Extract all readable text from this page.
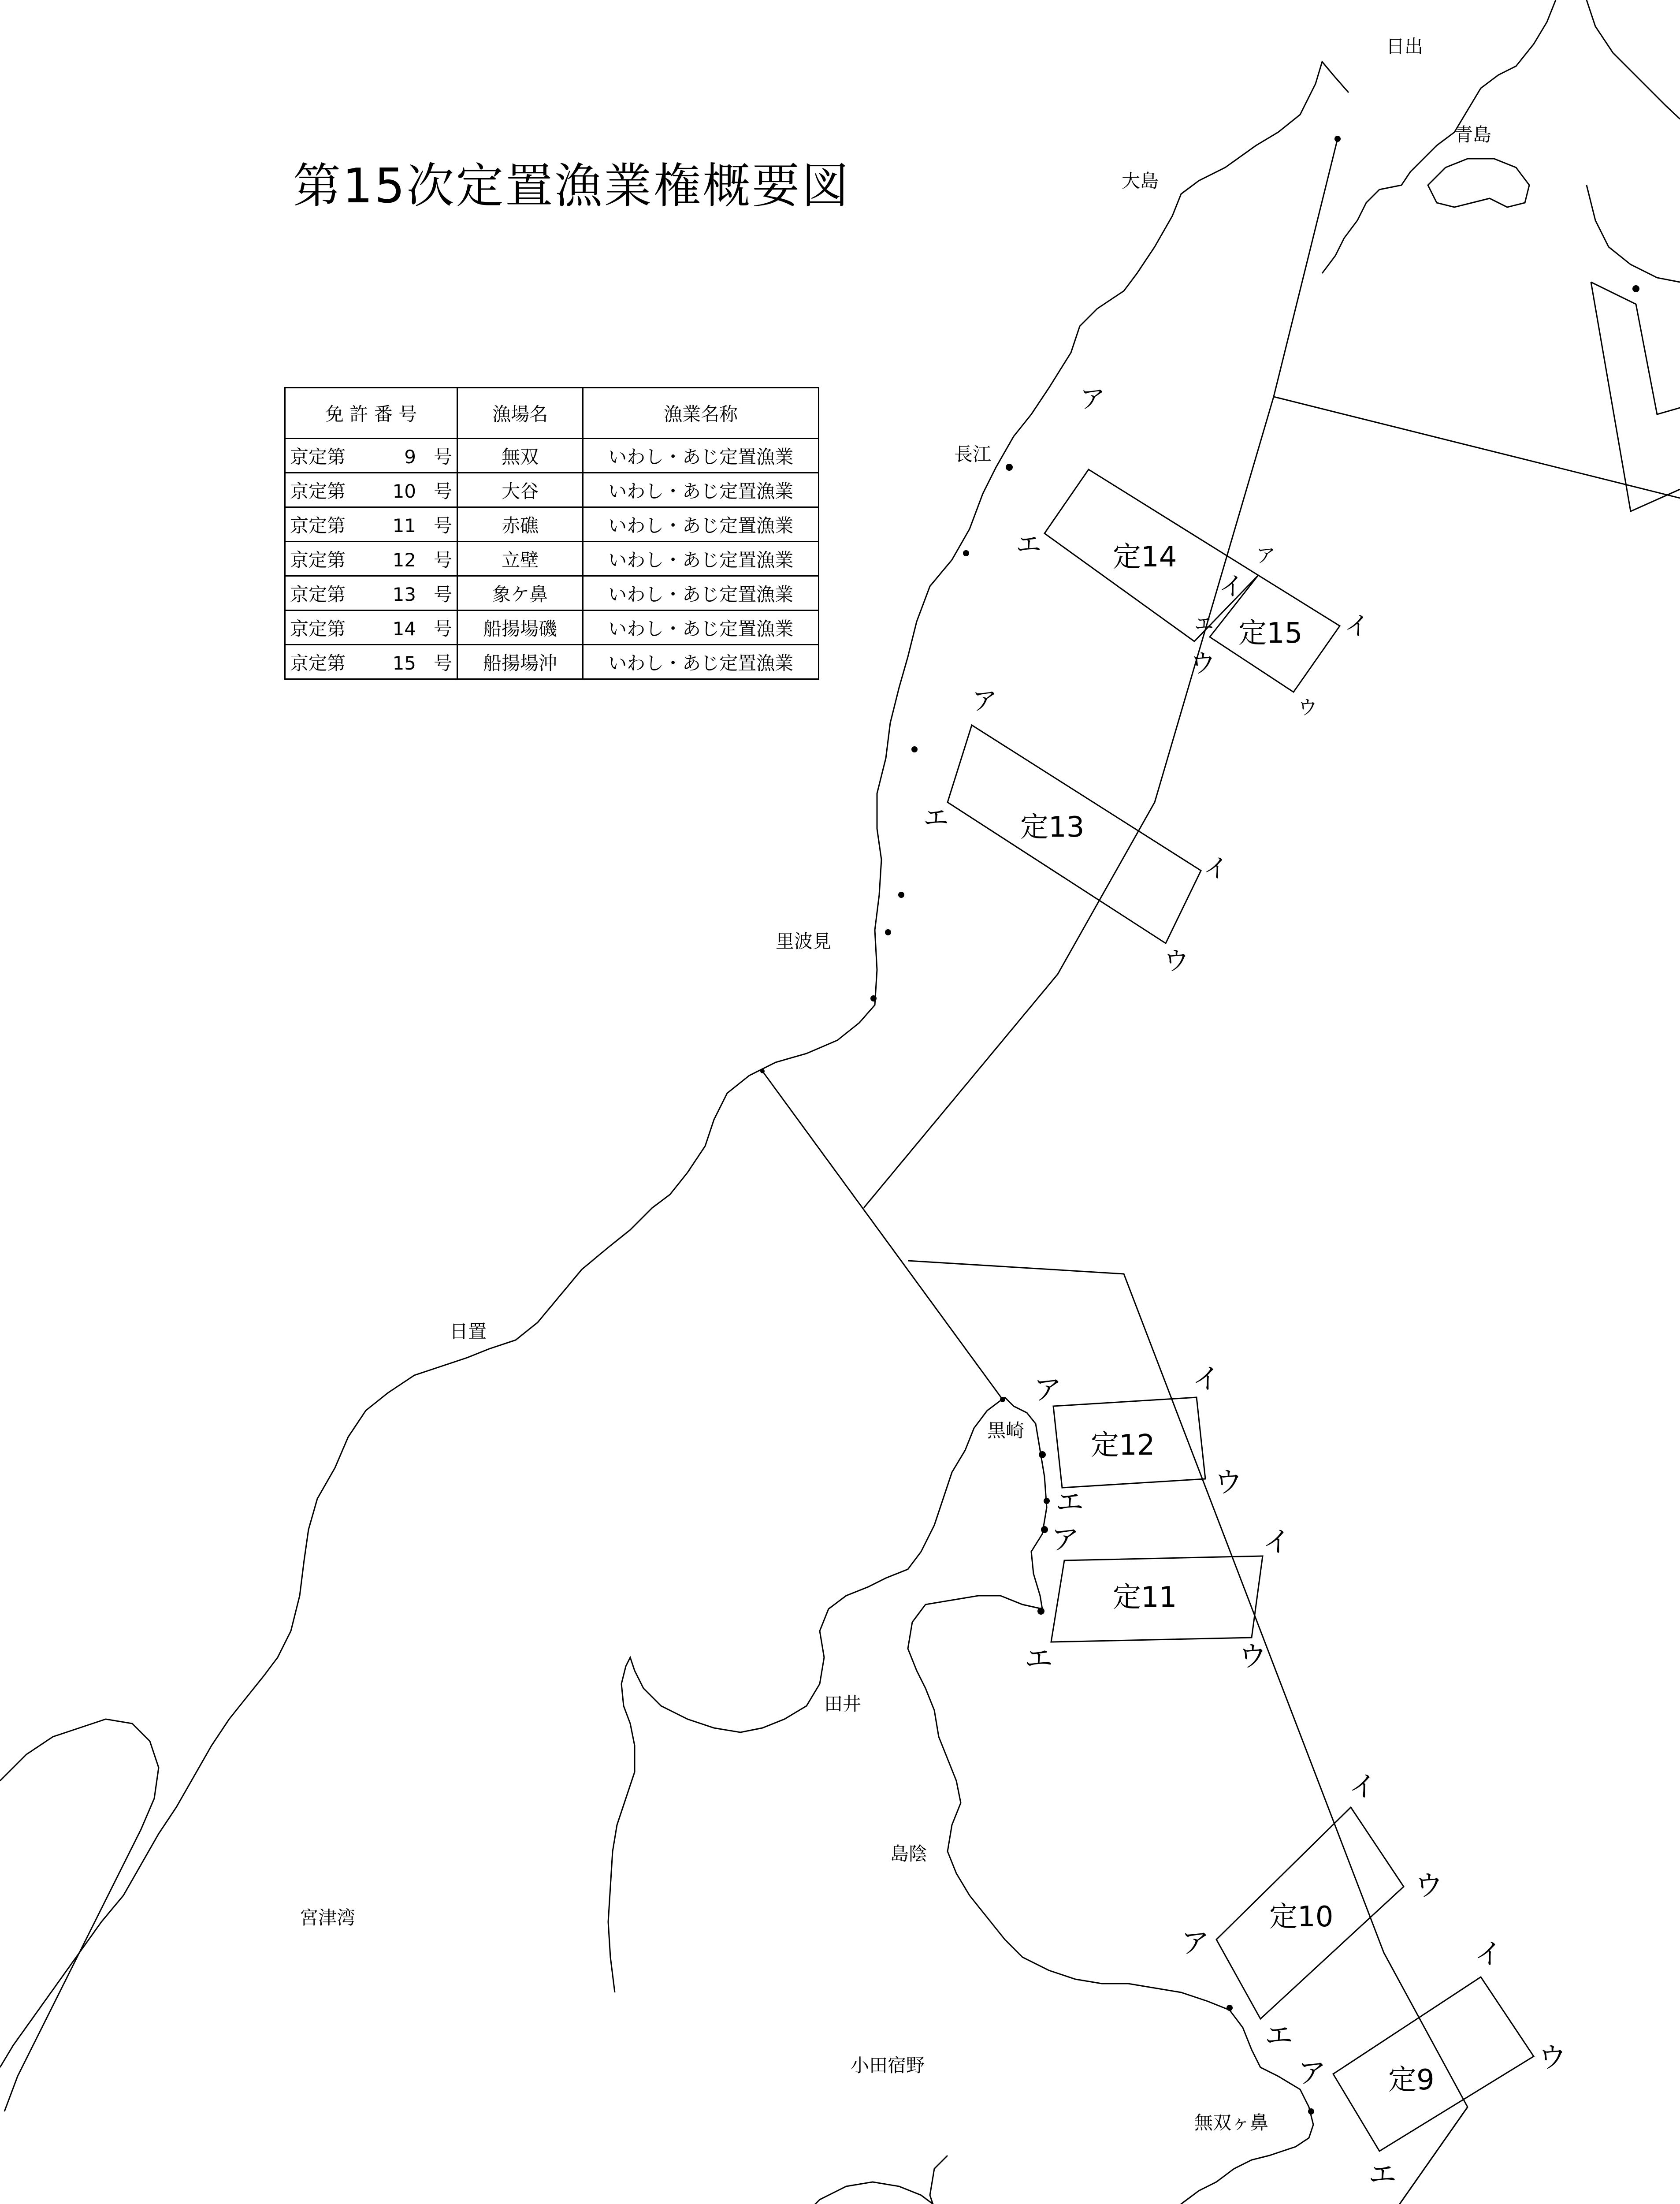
日出
青島
大島
長江
里波見
日置
黒崎
田井
島陰
宮津湾
小田宿野
無双ヶ鼻
定14
定15
定13
定12
定11
定10
定9
ア
エ
イ
ウ
ア
イ
ウ
エ
ア
エ
イ
ウ
ア	イ
ウ
エ
ア	イ
ウ
エ
イ
ウ
ア
エ
イ
ウ
ア
エ
第15次定置漁業権概要図
免 許 番 号	漁場名	漁業名称
京定第 9 号	無双	いわし・あじ定置漁業
京定第 10 号	大谷	いわし・あじ定置漁業
京定第 11 号	赤礁	いわし・あじ定置漁業
京定第 12 号	立壁	いわし・あじ定置漁業
京定第 13 号	象ケ鼻	いわし・あじ定置漁業
京定第 14 号	船揚場磯	いわし・あじ定置漁業
京定第 15 号	船揚場沖	いわし・あじ定置漁業
